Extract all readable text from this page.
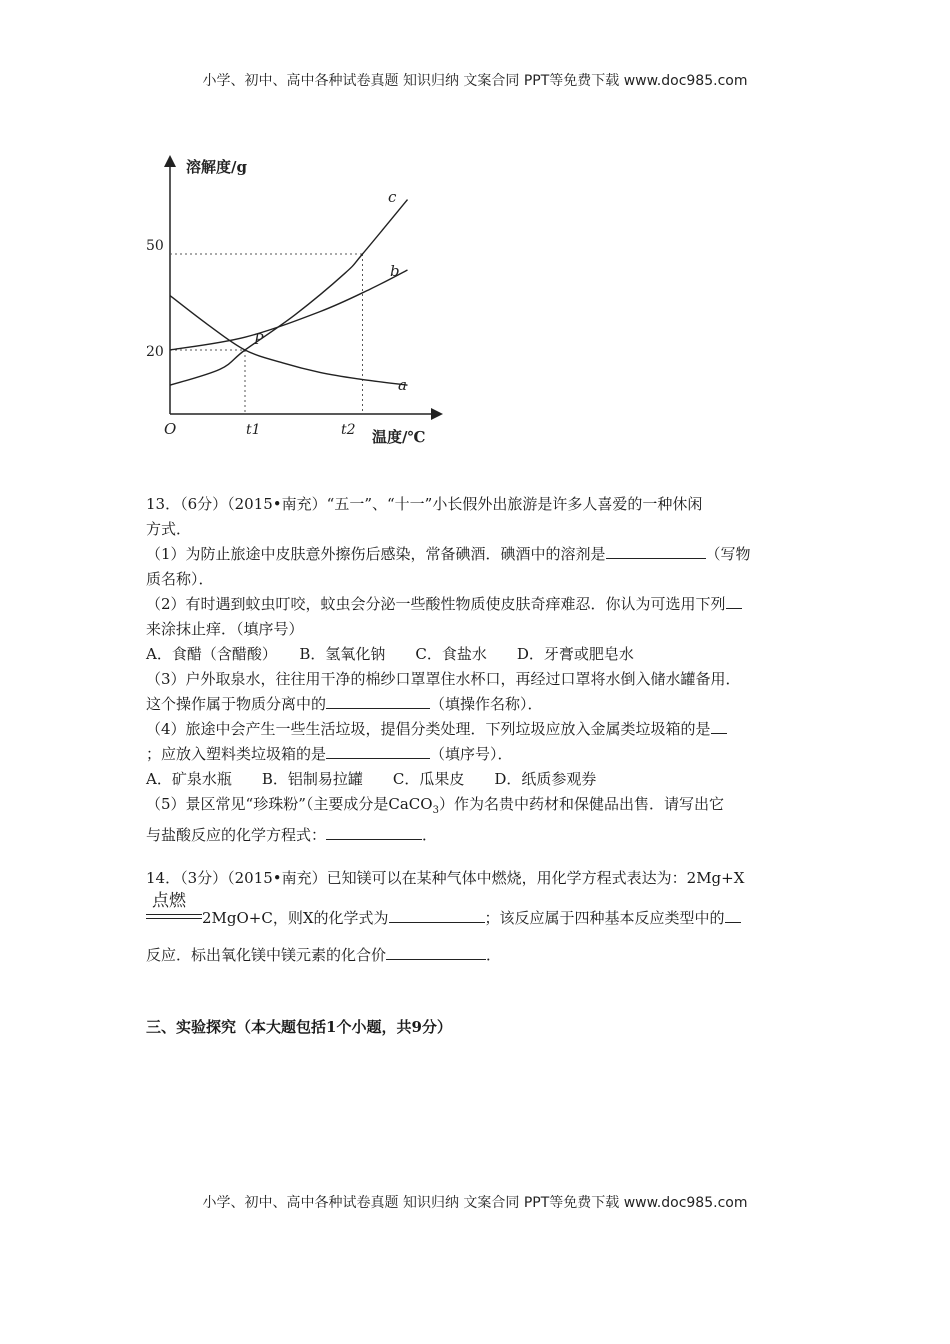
小学、初中、高中各种试卷真题 知识归纳 文案合同 PPT等免费下载 www.doc985.com
溶解度/g
温度/℃
O
20
50
t1	t2
P
a
b
c
13．（6分）（2015•南充）“五一”、“十一”小长假外出旅游是许多人喜爱的一种休闲
方式．
（1）为防止旅途中皮肤意外擦伤后感染，常备碘酒．碘酒中的溶剂是	（写物
质名称）．
（2）有时遇到蚊虫叮咬，蚊虫会分泌一些酸性物质使皮肤奇痒难忍．你认为可选用下列
来涂抹止痒．（填序号）
A．食醋（含醋酸）　　B．氢氧化钠　　C．食盐水　　D．牙膏或肥皂水
（3）户外取泉水，往往用干净的棉纱口罩罩住水杯口，再经过口罩将水倒入储水罐备用．
这个操作属于物质分离中的	（填操作名称）．
（4）旅途中会产生一些生活垃圾，提倡分类处理．下列垃圾应放入金属类垃圾箱的是
；应放入塑料类垃圾箱的是	（填序号）．
A．矿泉水瓶　　B．铝制易拉罐　　C．瓜果皮　　D．纸质参观券
（5）景区常见“珍珠粉”（主要成分是CaCO$_3$）作为名贵中药材和保健品出售．请写出它
与盐酸反应的化学方程式：	．
14．（3分）（2015•南充）已知镁可以在某种气体中燃烧，用化学方程式表达为：2Mg+X
点燃
2MgO+C，则X的化学式为	；该反应属于四种基本反应类型中的
反应．标出氧化镁中镁元素的化合价	．
三、实验探究（本大题包括1个小题，共9分）
小学、初中、高中各种试卷真题 知识归纳 文案合同 PPT等免费下载 www.doc985.com
